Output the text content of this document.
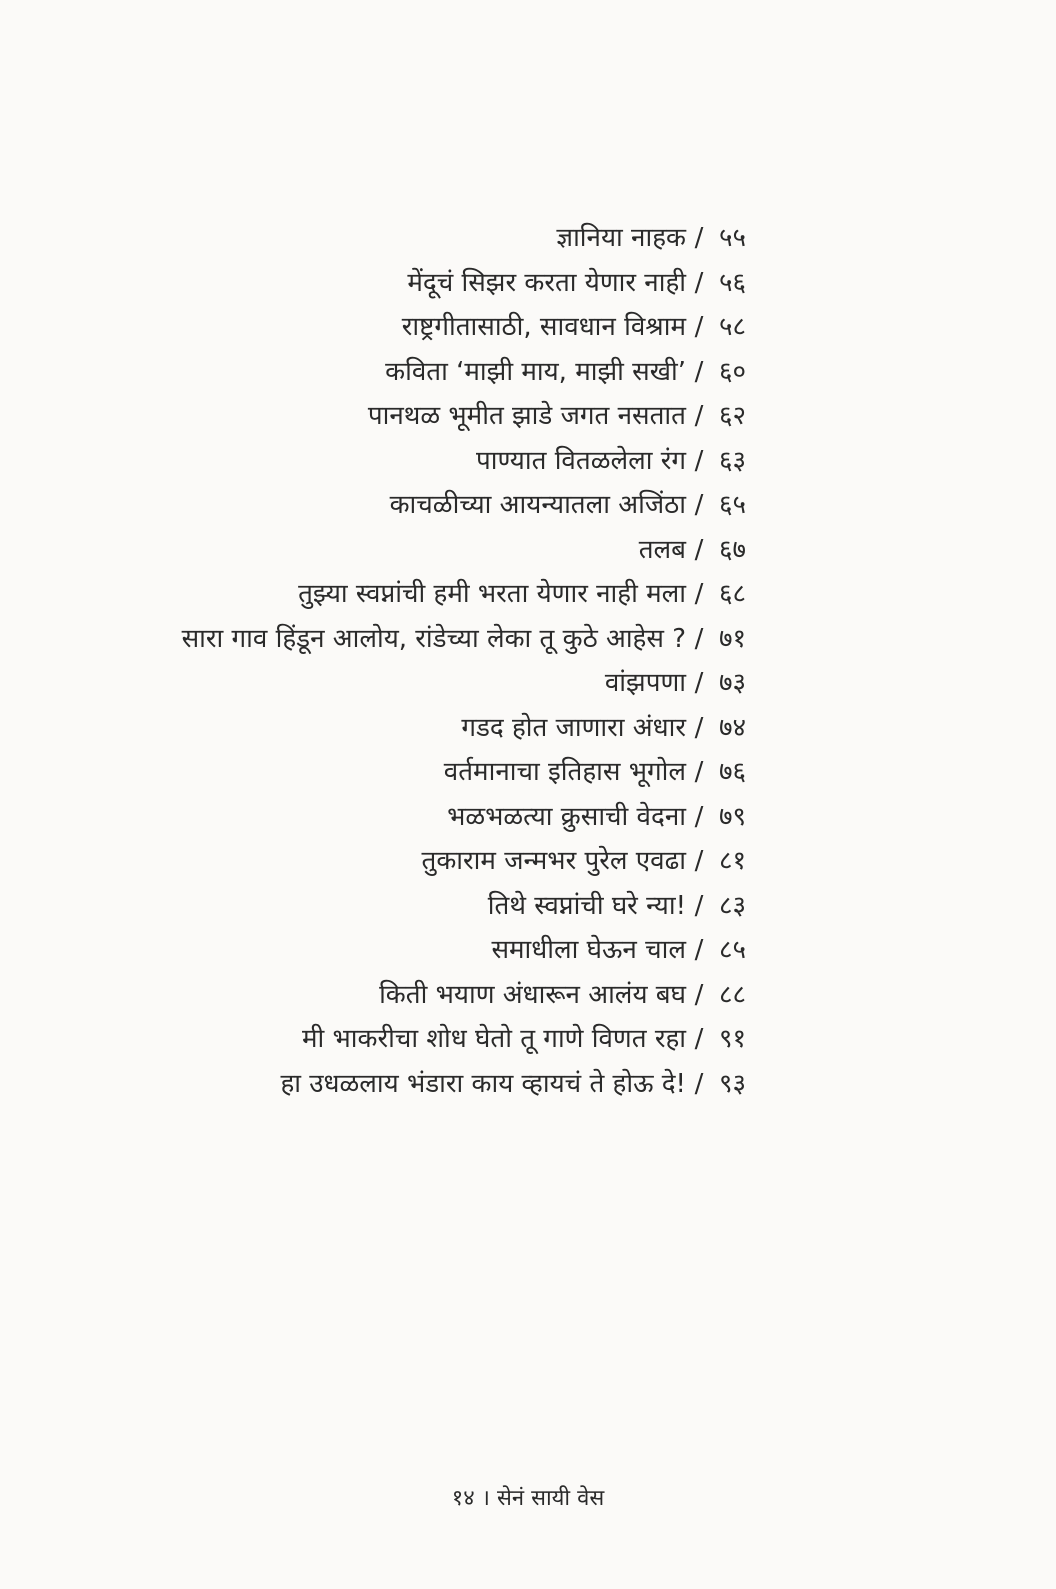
ज्ञानिया नाहक / ५५
मेंदूचं सिझर करता येणार नाही / ५६
राष्ट्रगीतासाठी, सावधान विश्राम / ५८
कविता ‘माझी माय, माझी सखी’ / ६०
पानथळ भूमीत झाडे जगत नसतात / ६२
पाण्यात वितळलेला रंग / ६३
काचळीच्या आयन्यातला अजिंठा / ६५
तलब / ६७
तुझ्या स्वप्नांची हमी भरता येणार नाही मला / ६८
सारा गाव हिंडून आलोय, रांडेच्या लेका तू कुठे आहेस ? / ७१
वांझपणा / ७३
गडद होत जाणारा अंधार / ७४
वर्तमानाचा इतिहास भूगोल / ७६
भळभळत्या क्रुसाची वेदना / ७९
तुकाराम जन्मभर पुरेल एवढा / ८१
तिथे स्वप्नांची घरे न्या! / ८३
समाधीला घेऊन चाल / ८५
किती भयाण अंधारून आलंय बघ / ८८
मी भाकरीचा शोध घेतो तू गाणे विणत रहा / ९१
हा उधळलाय भंडारा काय व्हायचं ते होऊ दे! / ९३
१४ । सेनं सायी वेस
